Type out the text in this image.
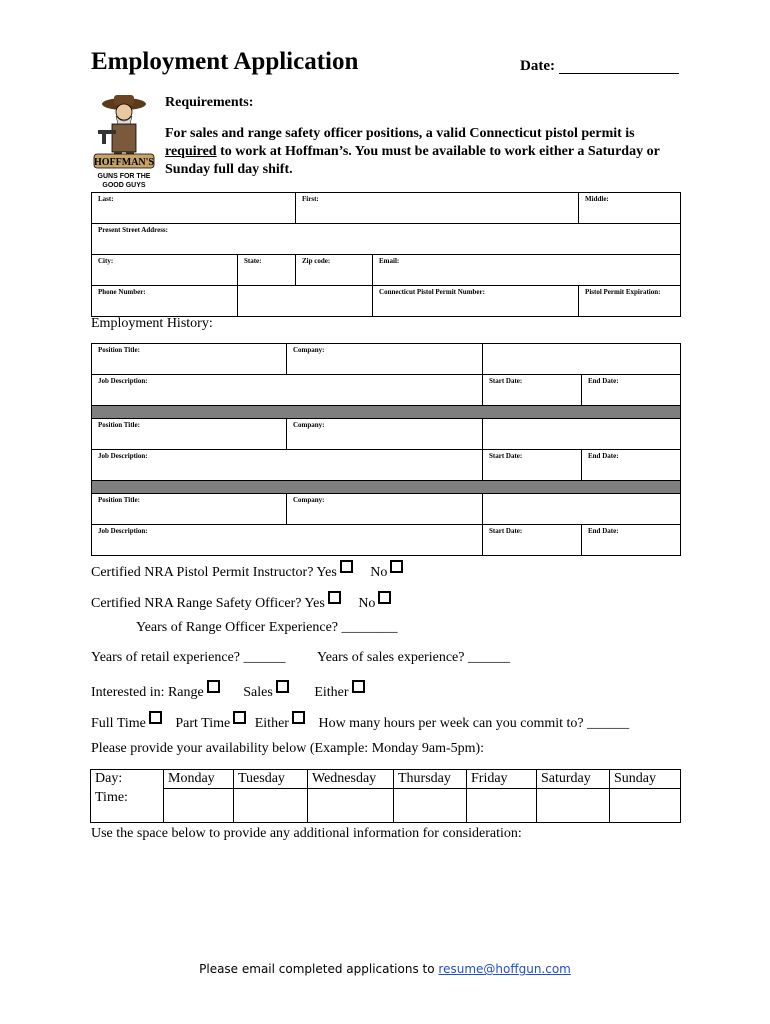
Employment Application	Date:
HOFFMAN'S
GUNS FOR THE
GOOD GUYS
Requirements:
For sales and range safety officer positions, a valid Connecticut pistol permit is required to work at Hoffman’s. You must be available to work either a Saturday or Sunday full day shift.
Last:		First:		Middle:
Present Street Address:				
City:	State:	Zip code:	Email:	
Phone Number:			Connecticut Pistol Permit Number:	Pistol Permit Expiration:
Employment History:
Position Title:	Company:		
Job Description:		Start Date:	End Date:

Position Title:	Company:		
Job Description:		Start Date:	End Date:

Position Title:	Company:		
Job Description:		Start Date:	End Date:
Certified NRA Pistol Permit Instructor? Yes No
Certified NRA Range Safety Officer? Yes No
Years of Range Officer Experience? ________
Years of retail experience? ______ Years of sales experience? ______
Interested in: Range	Sales	Either
Full Time Part Time Either How many hours per week can you commit to? ______
Please provide your availability below (Example: Monday 9am-5pm):
Day:	Monday	Tuesday	Wednesday	Thursday	Friday	Saturday	Sunday
Time:							
Use the space below to provide any additional information for consideration:
Please email completed applications to resume@hoffgun.com
